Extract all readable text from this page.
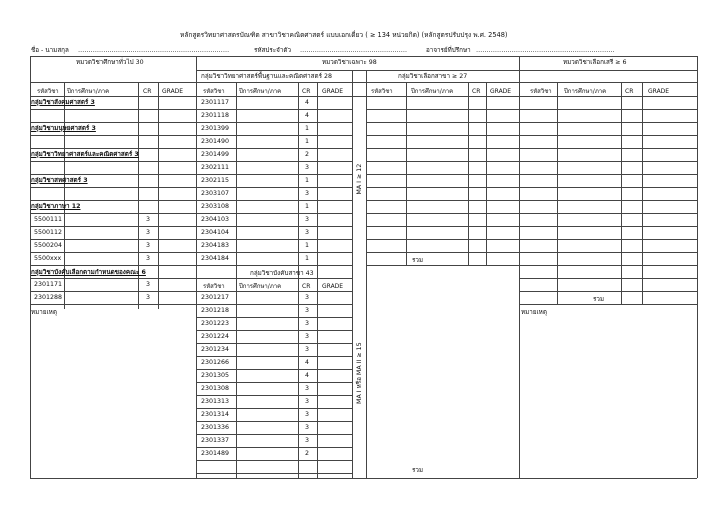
หลักสูตรวิทยาศาสตรบัณฑิต สาขาวิชาคณิตศาสตร์ แบบเอกเดี่ยว ( ≥ 134 หน่วยกิต) (หลักสูตรปรับปรุง พ.ศ. 2548)
ชื่อ - นามสกุล ………………………………………………………………	รหัสประจำตัว ……………………………………………	อาจารย์ที่ปรึกษา …………………………………………………………
หมวดวิชาศึกษาทั่วไป 30
รหัสวิชา ปีการศึกษา/ภาค	CR GRADE
กลุ่มวิชาสังคมศาสตร์ 3
กลุ่มวิชามนุษยศาสตร์ 3
กลุ่มวิชาวิทยาศาสตร์และคณิตศาสตร์ 3
กลุ่มวิชาสหศาสตร์ 3
กลุ่มวิชาภาษา 12
5500111	3
5500112	3
5500204	3
5500xxx	3
กลุ่มวิชาบังคับเลือกตามกำหนดของคณะ 6
2301171	3
2301288	3
หมายเหตุ
หมวดวิชาเฉพาะ 98
กลุ่มวิชาวิทยาศาสตร์พื้นฐานและคณิตศาสตร์ 28
รหัสวิชา ปีการศึกษา/ภาค	CR GRADE
2301117	4
2301118	4
2301399	1
2301490	1
2301499	2
2302111	3
2302115	1
2303107	3
2303108	1
2304103	3
2304104	3
2304183	1
2304184	1
กลุ่มวิชาบังคับสาขา 43
รหัสวิชา ปีการศึกษา/ภาค	CR GRADE
2301217	3
2301218	3
2301223	3
2301224	3
2301234	3
2301266	4
2301305	4
2301308	3
2301313	3
2301314	3
2301336	3
2301337	3
2301489	2
กลุ่มวิชาเลือกสาขา ≥ 27
รหัสวิชา	ปีการศึกษา/ภาค	CR GRADE
MA I ≥ 12
MA I หรือ MA II ≥ 15
รวม
รวม
หมวดวิชาเลือกเสรี ≥ 6
รหัสวิชา ปีการศึกษา/ภาค	CR GRADE
รวม
หมายเหตุ
